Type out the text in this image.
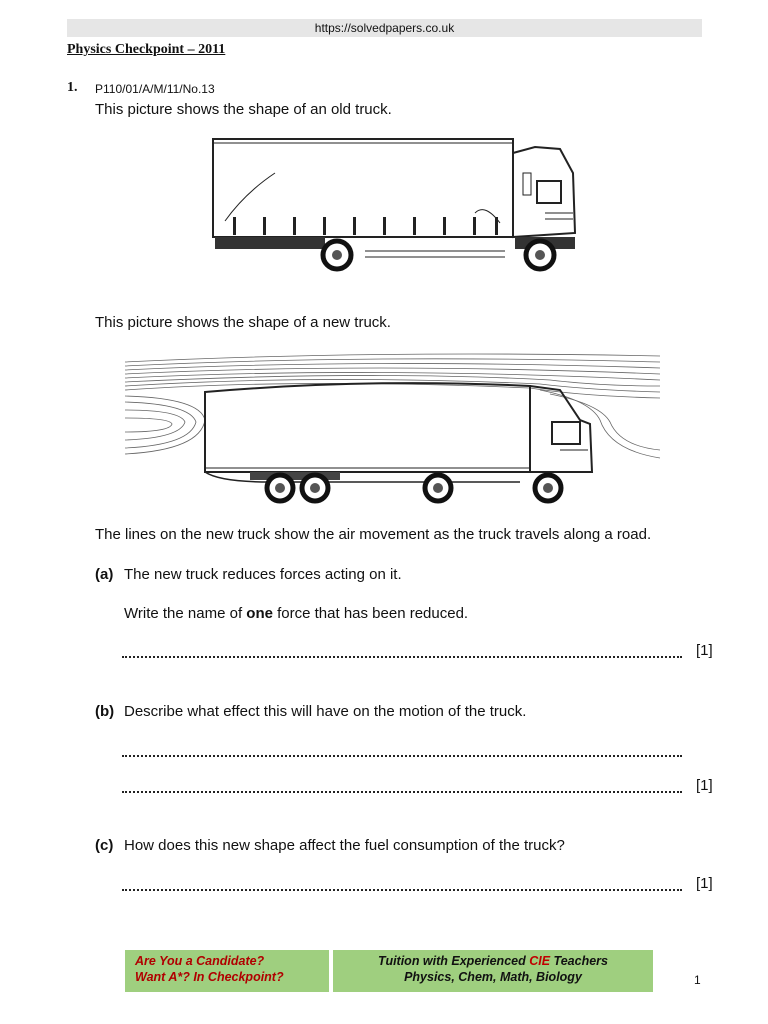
https://solvedpapers.co.uk
Physics Checkpoint – 2011
1. P110/01/A/M/11/No.13
This picture shows the shape of an old truck.
This picture shows the shape of a new truck.
The lines on the new truck show the air movement as the truck travels along a road.
(a) The new truck reduces forces acting on it.
Write the name of one force that has been reduced.
[1]
(b) Describe what effect this will have on the motion of the truck.
[1]
(c) How does this new shape affect the fuel consumption of the truck?
[1]
Are You a Candidate?
Want A*? In Checkpoint?
Tuition with Experienced CIE Teachers
Physics, Chem, Math, Biology	1
